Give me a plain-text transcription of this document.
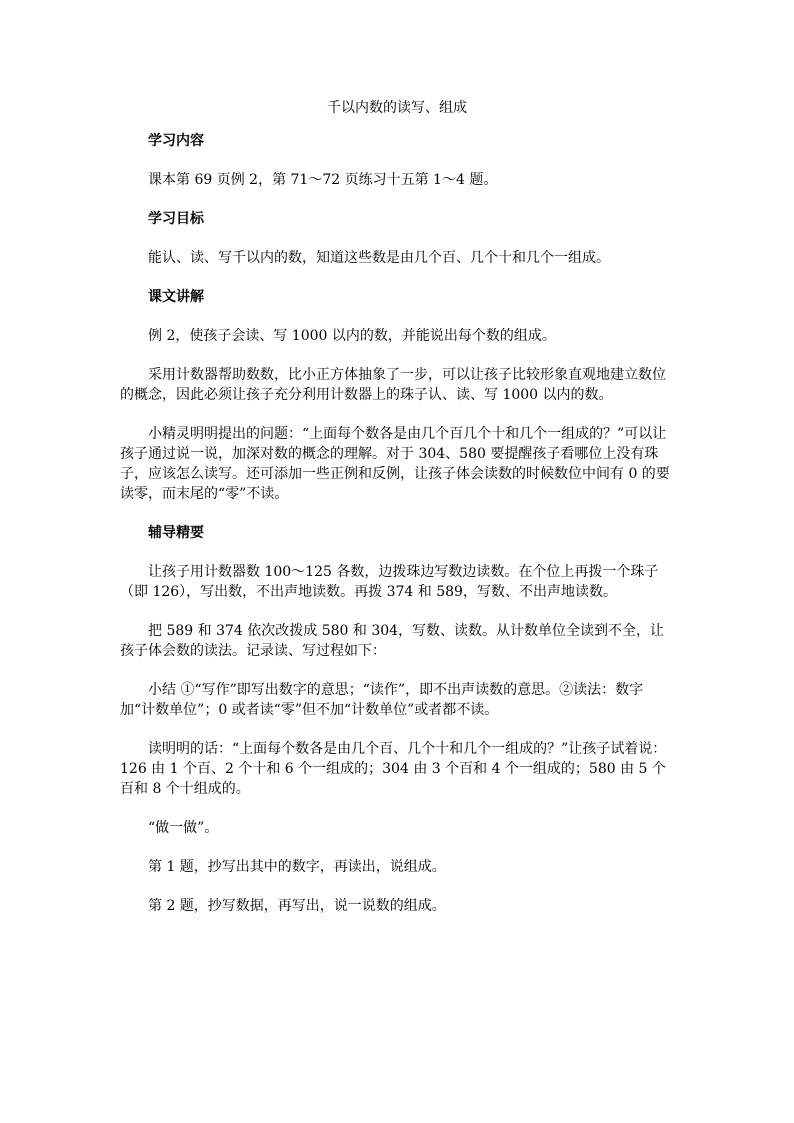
千以内数的读写、组成
学习内容

课本第 69 页例 2，第 71～72 页练习十五第 1～4 题。

学习目标

能认、读、写千以内的数，知道这些数是由几个百、几个十和几个一组成。

课文讲解

例 2，使孩子会读、写 1000 以内的数，并能说出每个数的组成。

采用计数器帮助数数，比小正方体抽象了一步，可以让孩子比较形象直观地建立数位的概念，因此必须让孩子充分利用计数器上的珠子认、读、写 1000 以内的数。

小精灵明明提出的问题：“上面每个数各是由几个百几个十和几个一组成的？”可以让孩子通过说一说，加深对数的概念的理解。对于 304、580 要提醒孩子看哪位上没有珠子，应该怎么读写。还可添加一些正例和反例，让孩子体会读数的时候数位中间有 0 的要读零，而末尾的“零”不读。

辅导精要

让孩子用计数器数 100～125 各数，边拨珠边写数边读数。在个位上再拨一个珠子（即 126），写出数，不出声地读数。再拨 374 和 589，写数、不出声地读数。

把 589 和 374 依次改拨成 580 和 304，写数、读数。从计数单位全读到不全，让孩子体会数的读法。记录读、写过程如下：

小结 ①“写作”即写出数字的意思；“读作”，即不出声读数的意思。②读法：数字加“计数单位”；0 或者读“零”但不加“计数单位”或者都不读。

读明明的话：“上面每个数各是由几个百、几个十和几个一组成的？”让孩子试着说：126 由 1 个百、2 个十和 6 个一组成的；304 由 3 个百和 4 个一组成的；580 由 5 个百和 8 个十组成的。

“做一做”。

第 1 题，抄写出其中的数字，再读出，说组成。

第 2 题，抄写数据，再写出，说一说数的组成。
